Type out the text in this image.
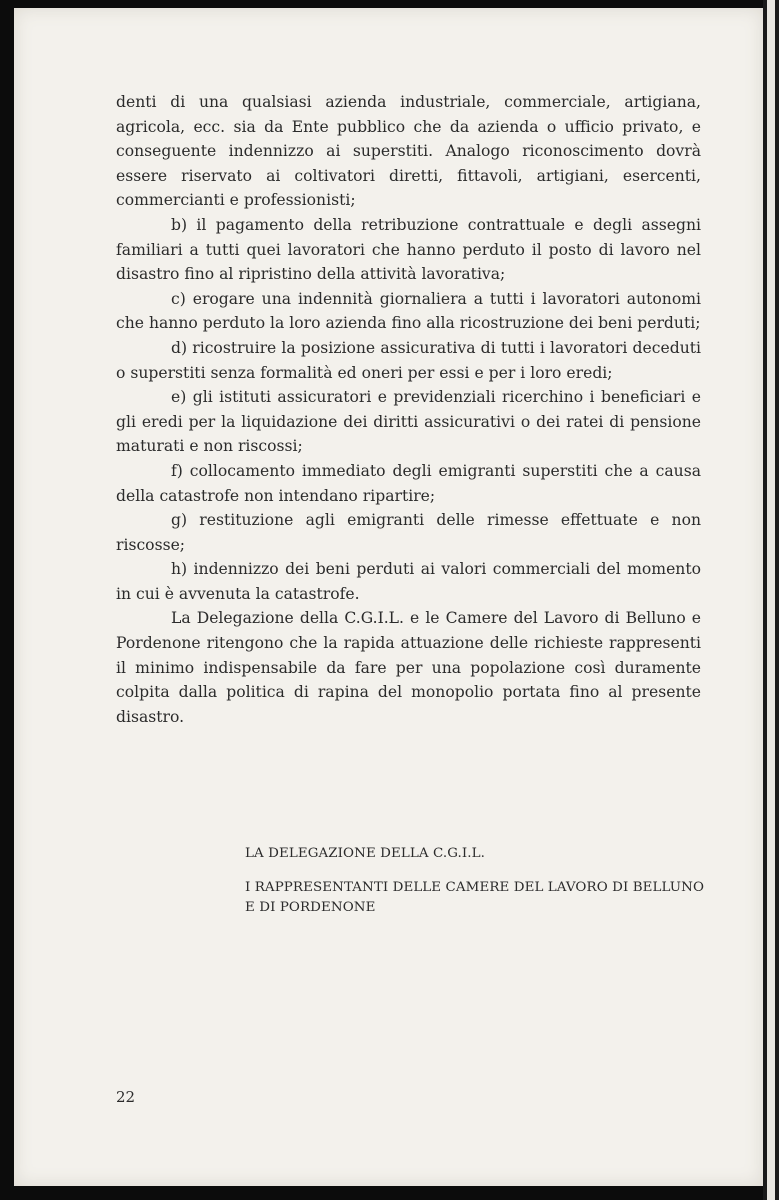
denti di una qualsiasi azienda industriale, commerciale, artigiana, agricola, ecc. sia da Ente pubblico che da azienda o ufficio privato, e conseguente indennizzo ai superstiti. Analogo riconoscimento dovrà essere riservato ai coltivatori diretti, fittavoli, artigiani, esercenti, commercianti e professionisti;

b) il pagamento della retribuzione contrattuale e degli assegni familiari a tutti quei lavoratori che hanno perduto il posto di lavoro nel disastro fino al ripristino della attività lavorativa;

c) erogare una indennità giornaliera a tutti i lavoratori autonomi che hanno perduto la loro azienda fino alla ricostruzione dei beni perduti;

d) ricostruire la posizione assicurativa di tutti i lavoratori deceduti o superstiti senza formalità ed oneri per essi e per i loro eredi;

e) gli istituti assicuratori e previdenziali ricerchino i beneficiari e gli eredi per la liquidazione dei diritti assicurativi o dei ratei di pensione maturati e non riscossi;

f) collocamento immediato degli emigranti superstiti che a causa della catastrofe non intendano ripartire;

g) restituzione agli emigranti delle rimesse effettuate e non riscosse;

h) indennizzo dei beni perduti ai valori commerciali del momento in cui è avvenuta la catastrofe.

La Delegazione della C.G.I.L. e le Camere del Lavoro di Belluno e Pordenone ritengono che la rapida attuazione delle richieste rappresenti il minimo indispensabile da fare per una popolazione così duramente colpita dalla politica di rapina del monopolio portata fino al presente disastro.

LA DELEGAZIONE DELLA C.G.I.L.

I RAPPRESENTANTI DELLE CAMERE DEL LAVORO DI BELLUNO E DI PORDENONE

22
